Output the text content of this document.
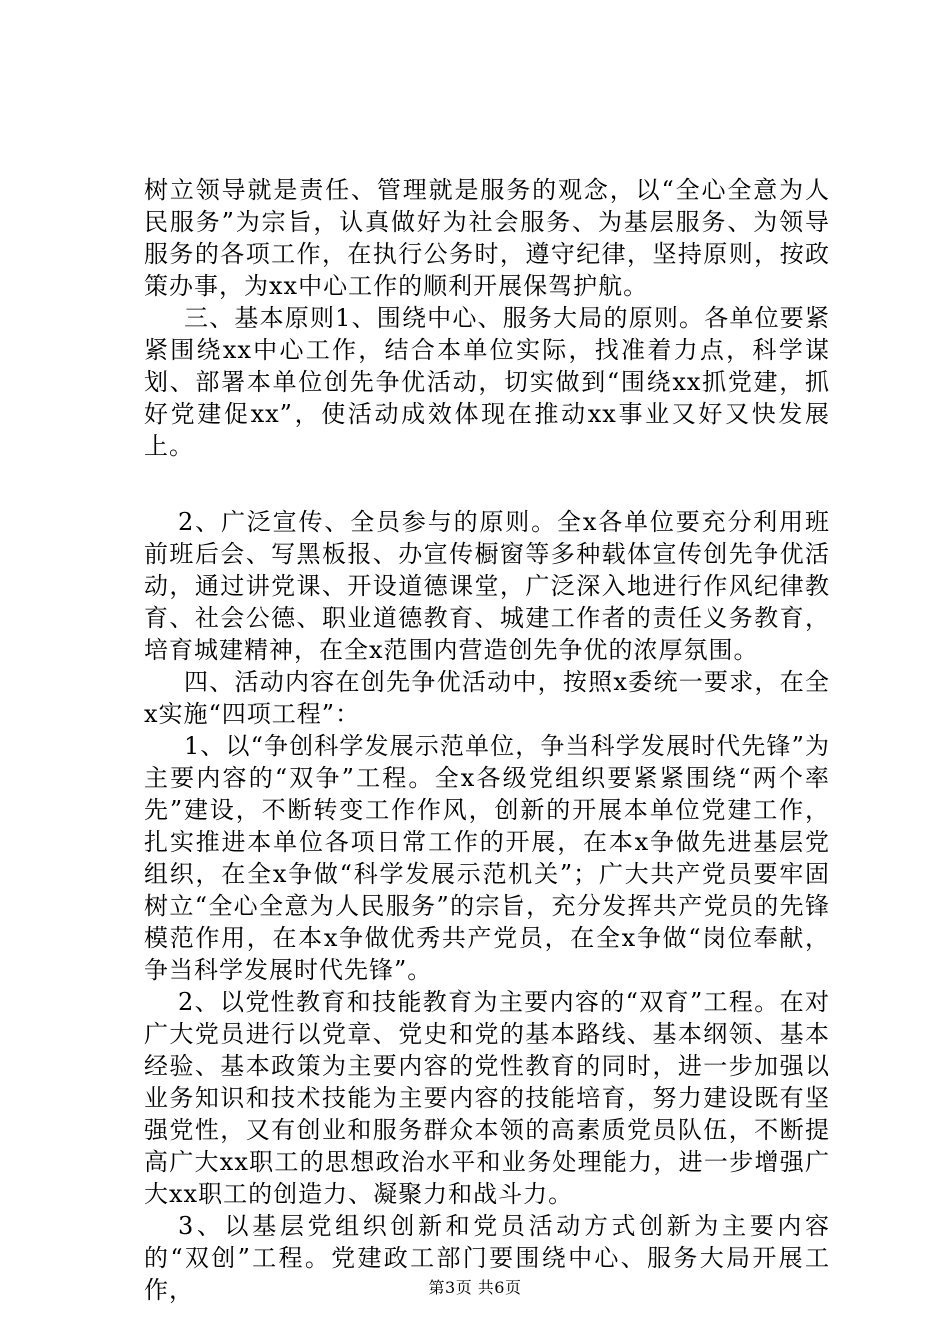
树立领导就是责任、管理就是服务的观念，以“全心全意为人民服务”为宗旨，认真做好为社会服务、为基层服务、为领导服务的各项工作，在执行公务时，遵守纪律，坚持原则，按政策办事，为xx中心工作的顺利开展保驾护航。

三、基本原则1、围绕中心、服务大局的原则。各单位要紧紧围绕xx中心工作，结合本单位实际，找准着力点，科学谋划、部署本单位创先争优活动，切实做到“围绕xx抓党建，抓好党建促xx”，使活动成效体现在推动xx事业又好又快发展上。

2、广泛宣传、全员参与的原则。全x各单位要充分利用班前班后会、写黑板报、办宣传橱窗等多种载体宣传创先争优活动，通过讲党课、开设道德课堂，广泛深入地进行作风纪律教育、社会公德、职业道德教育、城建工作者的责任义务教育，培育城建精神，在全x范围内营造创先争优的浓厚氛围。

四、活动内容在创先争优活动中，按照x委统一要求，在全x实施“四项工程”：

1、以“争创科学发展示范单位，争当科学发展时代先锋”为主要内容的“双争”工程。全x各级党组织要紧紧围绕“两个率先”建设，不断转变工作作风，创新的开展本单位党建工作，扎实推进本单位各项日常工作的开展，在本x争做先进基层党组织，在全x争做“科学发展示范机关”；广大共产党员要牢固树立“全心全意为人民服务”的宗旨，充分发挥共产党员的先锋模范作用，在本x争做优秀共产党员，在全x争做“岗位奉献，争当科学发展时代先锋”。

2、以党性教育和技能教育为主要内容的“双育”工程。在对广大党员进行以党章、党史和党的基本路线、基本纲领、基本经验、基本政策为主要内容的党性教育的同时，进一步加强以业务知识和技术技能为主要内容的技能培育，努力建设既有坚强党性，又有创业和服务群众本领的高素质党员队伍，不断提高广大xx职工的思想政治水平和业务处理能力，进一步增强广大xx职工的创造力、凝聚力和战斗力。

3、以基层党组织创新和党员活动方式创新为主要内容的“双创”工程。党建政工部门要围绕中心、服务大局开展工作，	第3页 共6页
